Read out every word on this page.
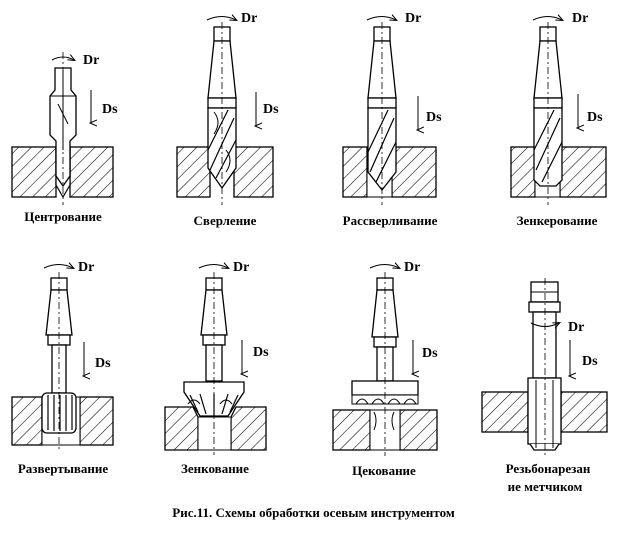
Dr
Ds
Dr
Ds
Dr
Ds
Dr
Ds
Dr
Ds
Dr
Ds
Dr
Ds
Dr
Ds
Центрование	Сверление	Рассверливание	Зенкерование
Развертывание	Зенкование	Цекование	Резьбонарезан
ие метчиком
Рис.11. Схемы обработки осевым инструментом
